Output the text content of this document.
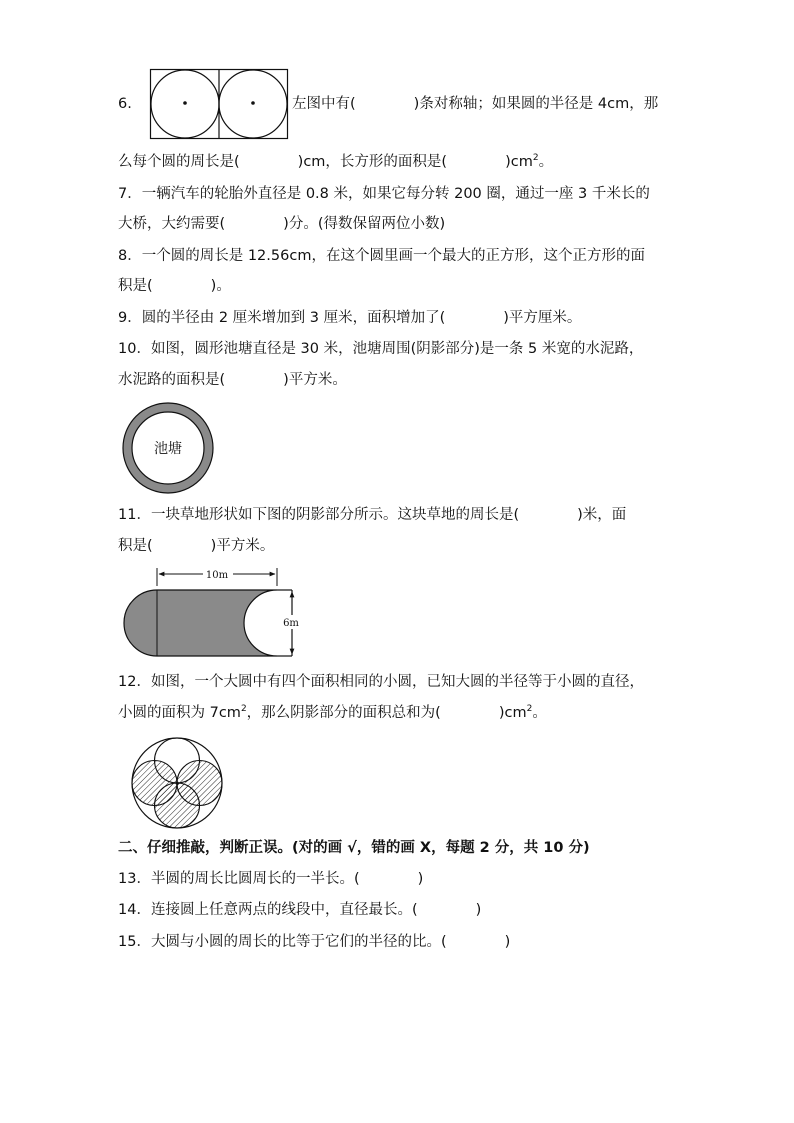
6.	左图中有(　　　　)条对称轴；如果圆的半径是 4cm，那
么每个圆的周长是(　　　　)cm，长方形的面积是(　　　　)$cm^2$。
7．一辆汽车的轮胎外直径是 0.8 米，如果它每分转 200 圈，通过一座 3 千米长的
大桥，大约需要(　　　　)分。(得数保留两位小数)
8．一个圆的周长是 12.56cm，在这个圆里画一个最大的正方形，这个正方形的面
积是(　　　　)。
9．圆的半径由 2 厘米增加到 3 厘米，面积增加了(　　　　)平方厘米。
10．如图，圆形池塘直径是 30 米，池塘周围(阴影部分)是一条 5 米宽的水泥路，
水泥路的面积是(　　　　)平方米。
池塘
11．一块草地形状如下图的阴影部分所示。这块草地的周长是(　　　　)米，面
积是(　　　　)平方米。
10m
6m
12．如图，一个大圆中有四个面积相同的小圆，已知大圆的半径等于小圆的直径，
小圆的面积为 $7cm^2$，那么阴影部分的面积总和为(　　　　)$cm^2$。
二、仔细推敲，判断正误。(对的画 √，错的画 X，每题 2 分，共 10 分)
13．半圆的周长比圆周长的一半长。(　　　　)
14．连接圆上任意两点的线段中，直径最长。(　　　　)
15．大圆与小圆的周长的比等于它们的半径的比。(　　　　)
